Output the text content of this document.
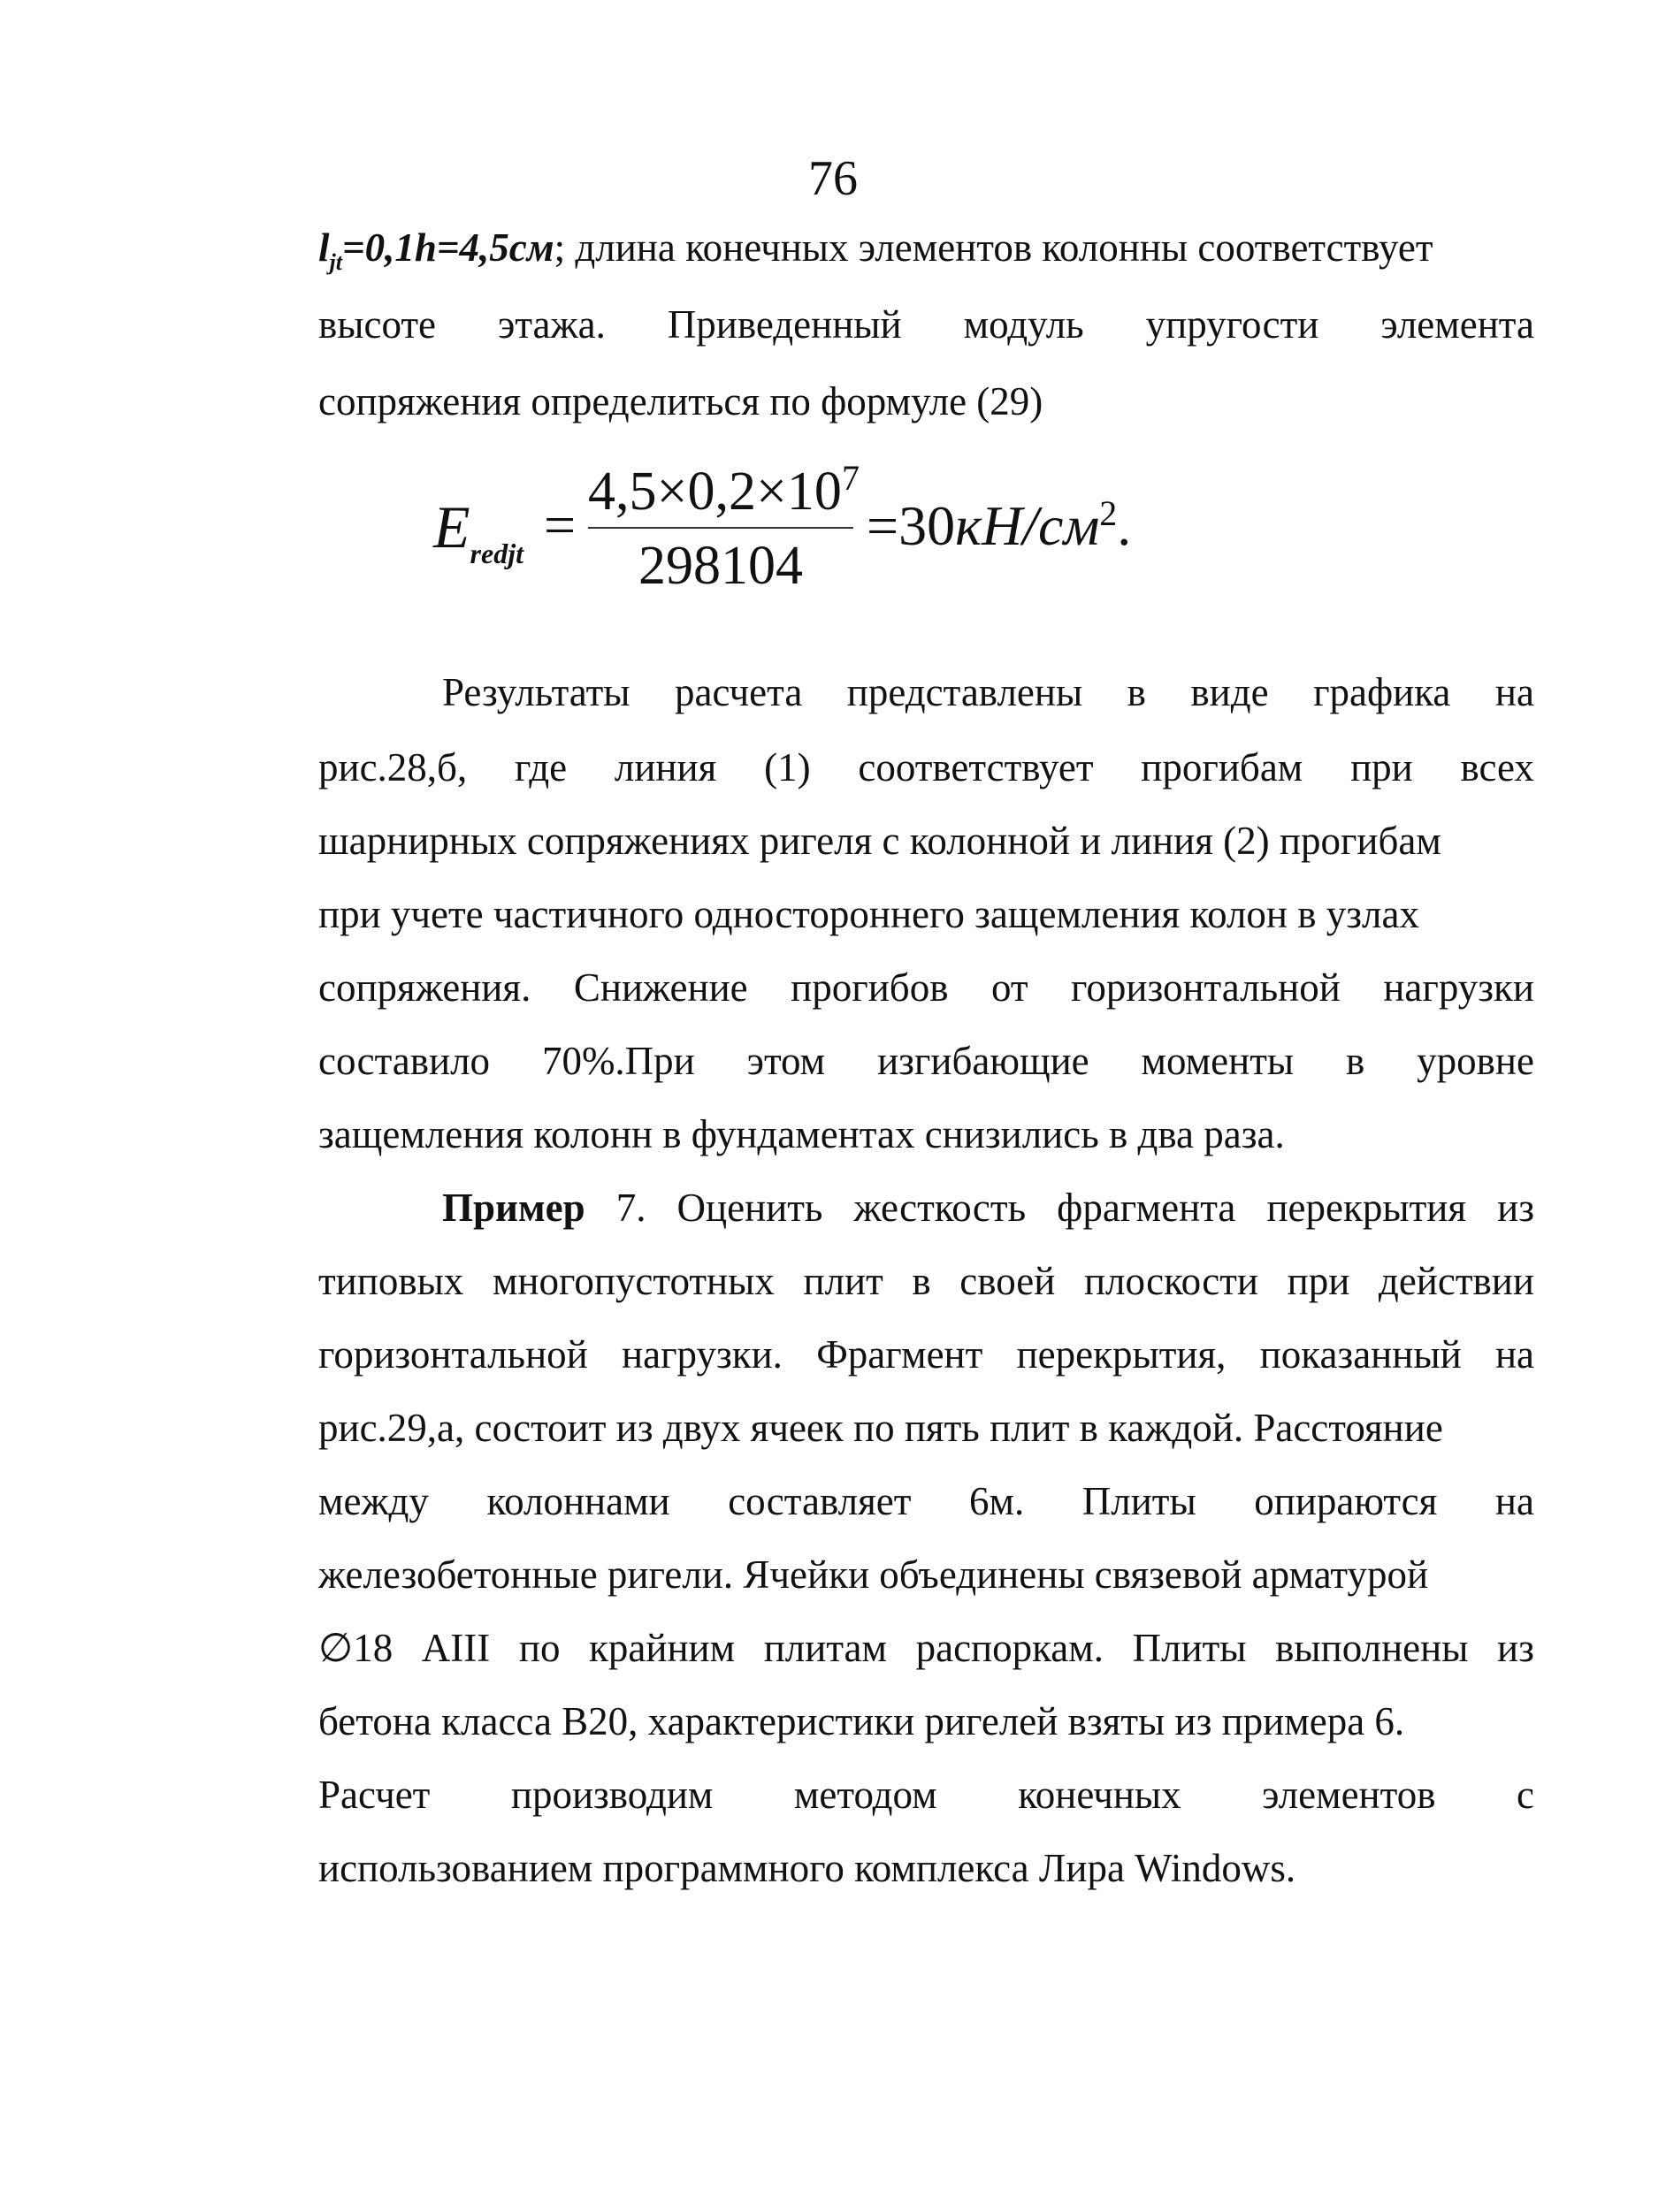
76
$l_{jt}=0,1h=4,5см$; длина конечных элементов колонны соответствует
высоте этажа. Приведенный модуль упругости элемента
сопряжения определиться по формуле (29)
$E_{redjt}$ =
$4,5\times 0,2\times 10^7$
298104
$=30кН/см^2$.
Результаты расчета представлены в виде графика на
рис.28,б, где линия (1) соответствует прогибам при всех
шарнирных сопряжениях ригеля с колонной и линия (2) прогибам
при учете частичного одностороннего защемления колон в узлах
сопряжения. Снижение прогибов от горизонтальной нагрузки
составило 70%.При этом изгибающие моменты в уровне
защемления колонн в фундаментах снизились в два раза.
Пример 7. Оценить жесткость фрагмента перекрытия из
типовых многопустотных плит в своей плоскости при действии
горизонтальной нагрузки. Фрагмент перекрытия, показанный на
рис.29,а, состоит из двух ячеек по пять плит в каждой. Расстояние
между колоннами составляет 6м. Плиты опираются на
железобетонные ригели. Ячейки объединены связевой арматурой
∅18 АIII по крайним плитам распоркам. Плиты выполнены из
бетона класса В20, характеристики ригелей взяты из примера 6.
Расчет производим методом конечных элементов с
использованием программного комплекса Лира Windows.
